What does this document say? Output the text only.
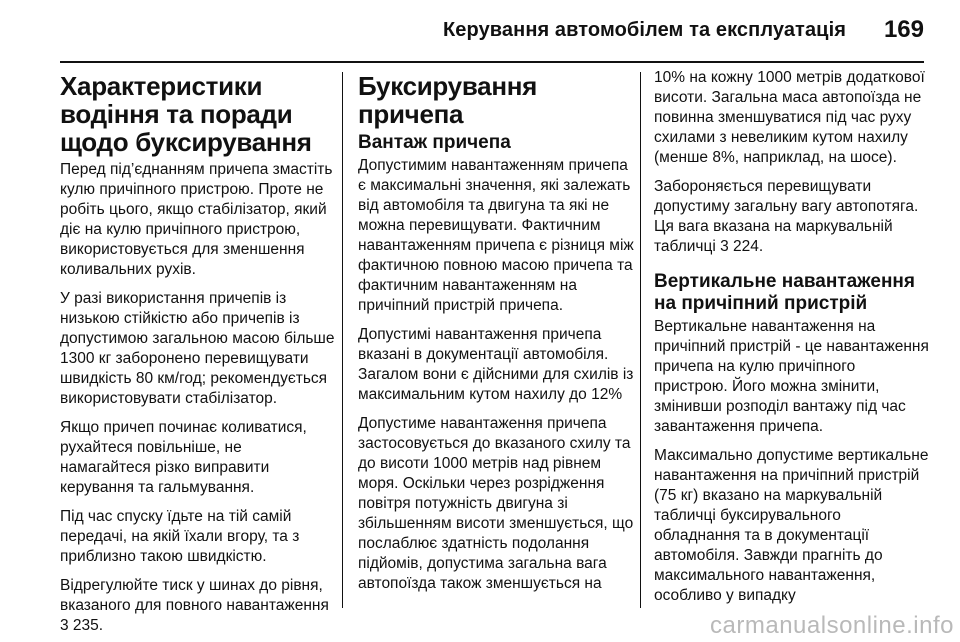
Керування автомобілем та експлуатація 169
Характеристики водіння та поради щодо буксирування

Перед під’єднанням причепа змастіть кулю причіпного пристрою. Проте не робіть цього, якщо стабілізатор, який діє на кулю причіпного пристрою, використовується для зменшення коливальних рухів.

У разі використання причепів із низькою стійкістю або причепів із допустимою загальною масою більше 1300 кг заборонено перевищувати швидкість 80 км/год; рекомендується використовувати стабілізатор.

Якщо причеп починає коливатися, рухайтеся повільніше, не намагайтеся різко виправити керування та гальмування.

Під час спуску їдьте на тій самій передачі, на якій їхали вгору, та з приблизно такою швидкістю.

Відрегулюйте тиск у шинах до рівня, вказаного для повного навантаження 3 235.

Буксирування причепа
Вантаж причепа

Допустимим навантаженням причепа є максимальні значення, які залежать від автомобіля та двигуна та які не можна перевищувати. Фактичним навантаженням причепа є різниця між фактичною повною масою причепа та фактичним навантаженням на причіпний пристрій причепа.

Допустимі навантаження причепа вказані в документації автомобіля. Загалом вони є дійсними для схилів із максимальним кутом нахилу до 12%

Допустиме навантаження причепа застосовується до вказаного схилу та до висоти 1000 метрів над рівнем моря. Оскільки через розрідження повітря потужність двигуна зі збільшенням висоти зменшується, що послаблює здатність подолання підйомів, допустима загальна вага автопоїзда також зменшується на

10% на кожну 1000 метрів додаткової висоти. Загальна маса автопоїзда не повинна зменшуватися під час руху схилами з невеликим кутом нахилу (менше 8%, наприклад, на шосе).

Забороняється перевищувати допустиму загальну вагу автопотяга. Ця вага вказана на маркувальній табличці 3 224.

Вертикальне навантаження на причіпний пристрій

Вертикальне навантаження на причіпний пристрій - це навантаження причепа на кулю причіпного пристрою. Його можна змінити, змінивши розподіл вантажу під час завантаження причепа.

Максимально допустиме вертикальне навантаження на причіпний пристрій (75 кг) вказано на маркувальній табличці буксирувального обладнання та в документації автомобіля. Завжди прагніть до максимального навантаження, особливо у випадку

carmanualsonline.info
